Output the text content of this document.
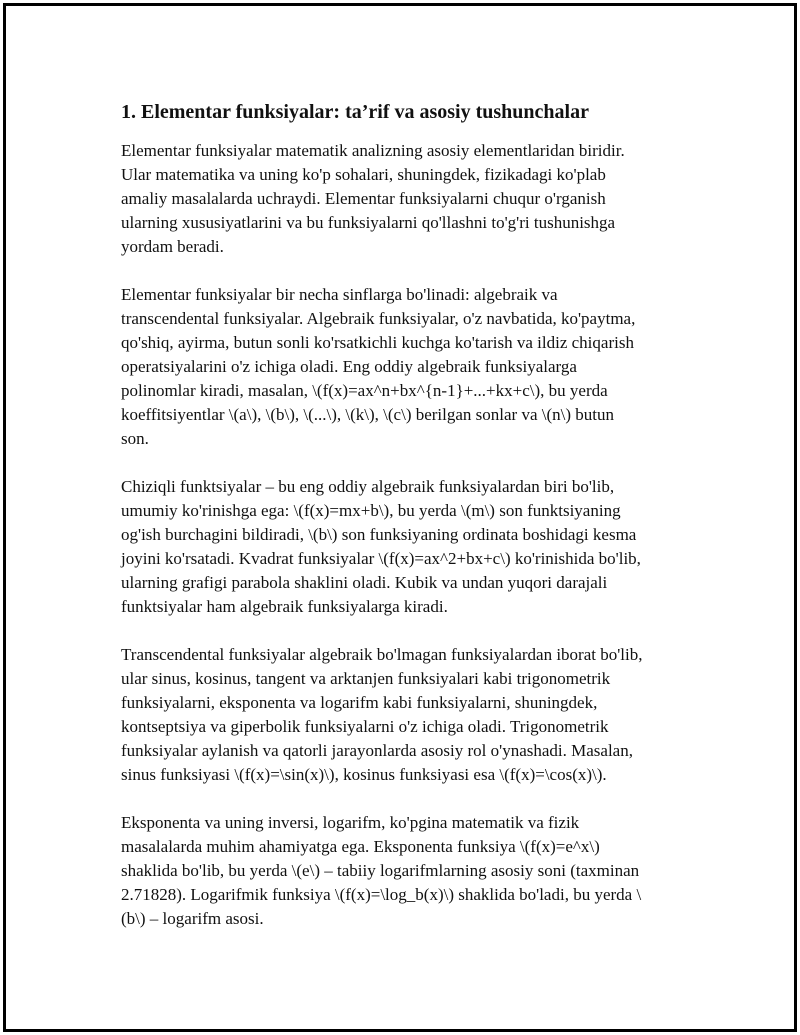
1. Elementar funksiyalar: ta’rif va asosiy tushunchalar

Elementar funksiyalar matematik analizning asosiy elementlaridan biridir.
Ular matematika va uning ko'p sohalari, shuningdek, fizikadagi ko'plab
amaliy masalalarda uchraydi. Elementar funksiyalarni chuqur o'rganish
ularning xususiyatlarini va bu funksiyalarni qo'llashni to'g'ri tushunishga
yordam beradi.

Elementar funksiyalar bir necha sinflarga bo'linadi: algebraik va
transcendental funksiyalar. Algebraik funksiyalar, o'z navbatida, ko'paytma,
qo'shiq, ayirma, butun sonli ko'rsatkichli kuchga ko'tarish va ildiz chiqarish
operatsiyalarini o'z ichiga oladi. Eng oddiy algebraik funksiyalarga
polinomlar kiradi, masalan, \(f(x)=ax^n+bx^{n-1}+...+kx+c\), bu yerda
koeffitsiyentlar \(a\), \(b\), \(...\), \(k\), \(c\) berilgan sonlar va \(n\) butun
son.

Chiziqli funktsiyalar – bu eng oddiy algebraik funksiyalardan biri bo'lib,
umumiy ko'rinishga ega: \(f(x)=mx+b\), bu yerda \(m\) son funktsiyaning
og'ish burchagini bildiradi, \(b\) son funksiyaning ordinata boshidagi kesma
joyini ko'rsatadi. Kvadrat funksiyalar \(f(x)=ax^2+bx+c\) ko'rinishida bo'lib,
ularning grafigi parabola shaklini oladi. Kubik va undan yuqori darajali
funktsiyalar ham algebraik funksiyalarga kiradi.

Transcendental funksiyalar algebraik bo'lmagan funksiyalardan iborat bo'lib,
ular sinus, kosinus, tangent va arktanjen funksiyalari kabi trigonometrik
funksiyalarni, eksponenta va logarifm kabi funksiyalarni, shuningdek,
kontseptsiya va giperbolik funksiyalarni o'z ichiga oladi. Trigonometrik
funksiyalar aylanish va qatorli jarayonlarda asosiy rol o'ynashadi. Masalan,
sinus funksiyasi \(f(x)=\sin(x)\), kosinus funksiyasi esa \(f(x)=\cos(x)\).

Eksponenta va uning inversi, logarifm, ko'pgina matematik va fizik
masalalarda muhim ahamiyatga ega. Eksponenta funksiya \(f(x)=e^x\)
shaklida bo'lib, bu yerda \(e\) – tabiiy logarifmlarning asosiy soni (taxminan
2.71828). Logarifmik funksiya \(f(x)=\log_b(x)\) shaklida bo'ladi, bu yerda \
(b\) – logarifm asosi.
